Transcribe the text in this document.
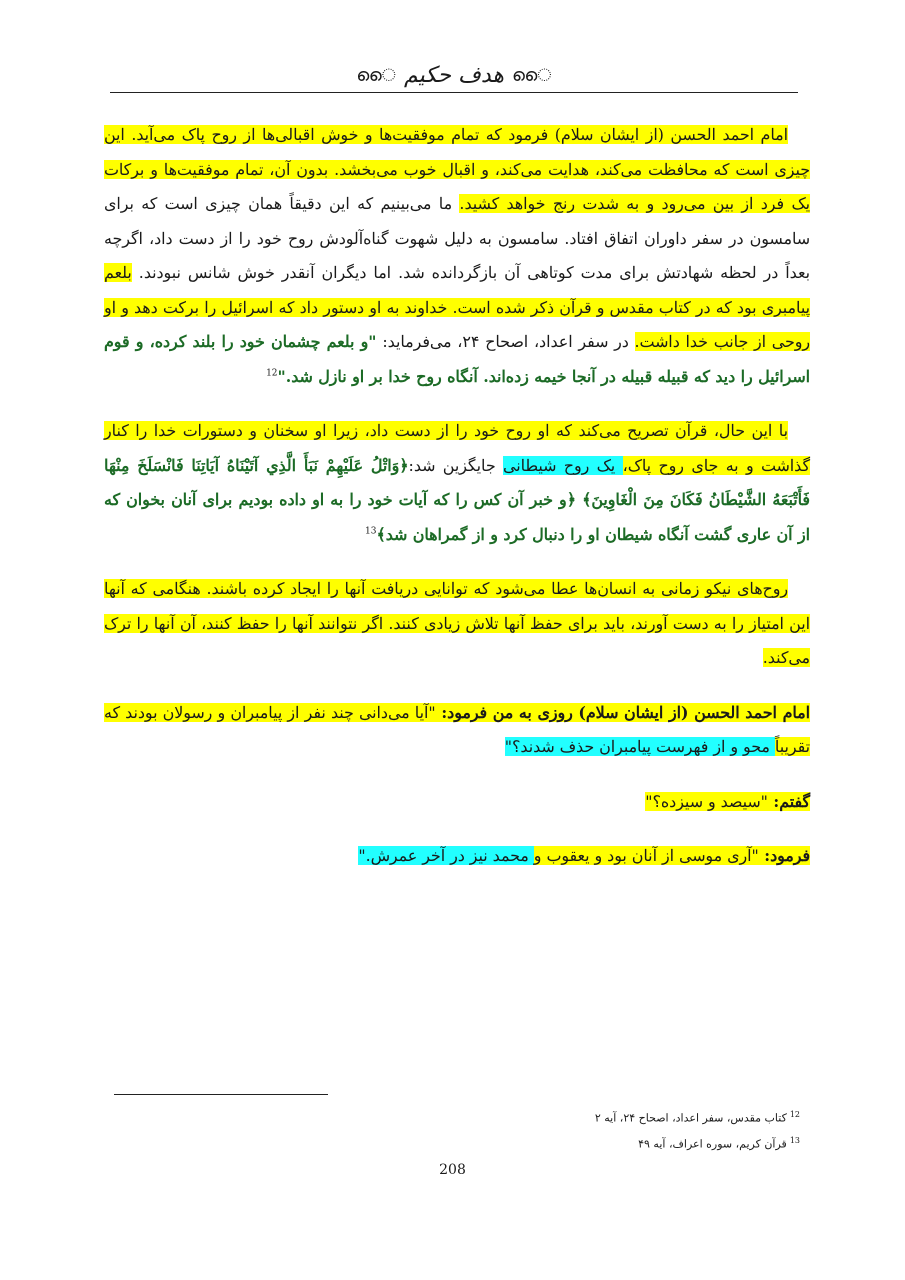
ൈ هدف حکیم ൈ

امام احمد الحسن (از ایشان سلام) فرمود که تمام موفقیت‌ها و خوش اقبالی‌ها از روح پاک می‌آید. این چیزی است که محافظت می‌کند، هدایت می‌کند، و اقبال خوب می‌بخشد. بدون آن، تمام موفقیت‌ها و برکات یک فرد از بین می‌رود و به شدت رنج خواهد کشید. ما می‌بینیم که این دقیقاً همان چیزی است که برای سامسون در سفر داوران اتفاق افتاد. سامسون به دلیل شهوت گناه‌آلودش روح خود را از دست داد، اگرچه بعداً در لحظه شهادتش برای مدت کوتاهی آن بازگردانده شد. اما دیگران آنقدر خوش شانس نبودند. بلعم پیامبری بود که در کتاب مقدس و قرآن ذکر شده است. خداوند به او دستور داد که اسرائیل را برکت دهد و او روحی از جانب خدا داشت. در سفر اعداد، اصحاح ۲۴، می‌فرماید: "و بلعم چشمان خود را بلند کرده، و قوم اسرائیل را دید که قبیله قبیله در آنجا خیمه زده‌اند. آنگاه روح خدا بر او نازل شد."$^{12}$

با این حال، قرآن تصریح می‌کند که او روح خود را از دست داد، زیرا او سخنان و دستورات خدا را کنار گذاشت و به جای روح پاک، یک روح شیطانی جایگزین شد:﴿وَاتْلُ عَلَيْهِمْ نَبَأَ الَّذِي آتَيْنَاهُ آيَاتِنَا فَانْسَلَخَ مِنْهَا فَأَتْبَعَهُ الشَّيْطَانُ فَكَانَ مِنَ الْغَاوِينَ﴾ ﴿و خبر آن کس را که آیات خود را به او داده بودیم برای آنان بخوان که از آن عاری گشت آنگاه شیطان او را دنبال کرد و از گمراهان شد﴾$^{13}$

روح‌های نیکو زمانی به انسان‌ها عطا می‌شود که توانایی دریافت آنها را ایجاد کرده باشند. هنگامی که آنها این امتیاز را به دست آورند، باید برای حفظ آنها تلاش زیادی کنند. اگر نتوانند آنها را حفظ کنند، آن آنها را ترک می‌کند.

امام احمد الحسن (از ایشان سلام) روزی به من فرمود: "آیا می‌دانی چند نفر از پیامبران و رسولان بودند که تقریباً محو و از فهرست پیامبران حذف شدند؟"

گفتم: "سیصد و سیزده؟"

فرمود: "آری موسی از آنان بود و یعقوب و محمد نیز در آخر عمرش."

$^{12}$کتاب مقدس، سفر اعداد، اصحاح ۲۴، آیه ۲
$^{13}$قرآن کریم، سوره اعراف، آیه ۴۹
208
